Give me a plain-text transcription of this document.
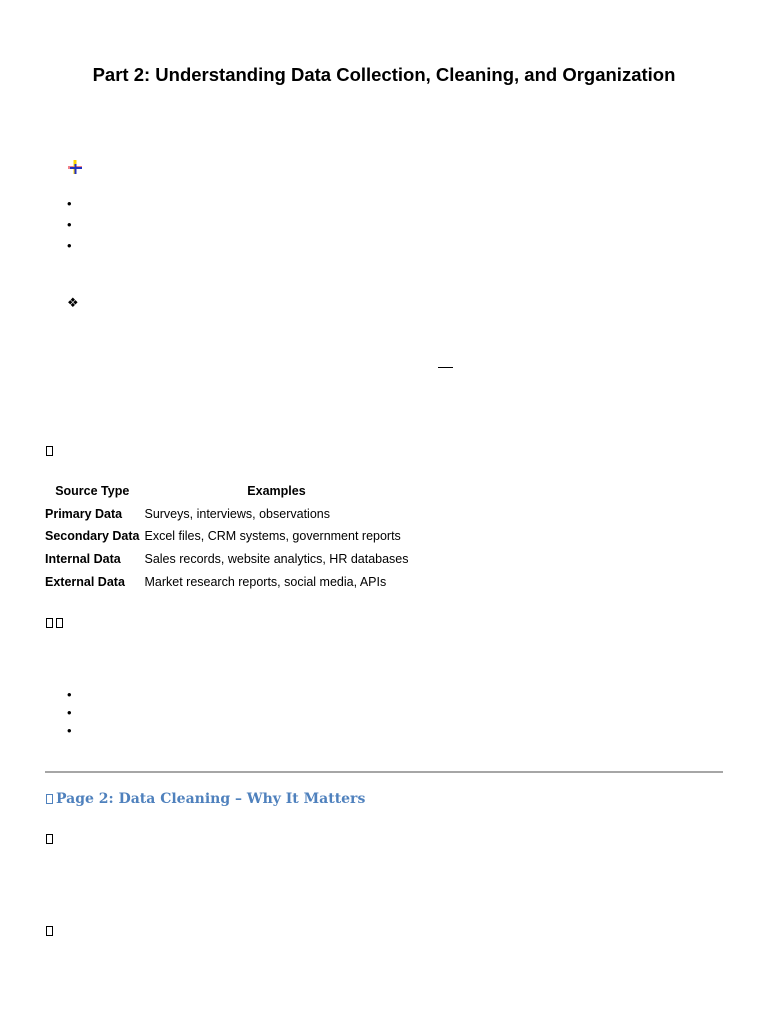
Part 2: Understanding Data Collection, Cleaning, and Organization
•
•
•
❖
Source Type	Examples
Primary Data	Surveys, interviews, observations
Secondary Data	Excel files, CRM systems, government reports
Internal Data	Sales records, website analytics, HR databases
External Data	Market research reports, social media, APIs
•
•
•
Page 2: Data Cleaning – Why It Matters
